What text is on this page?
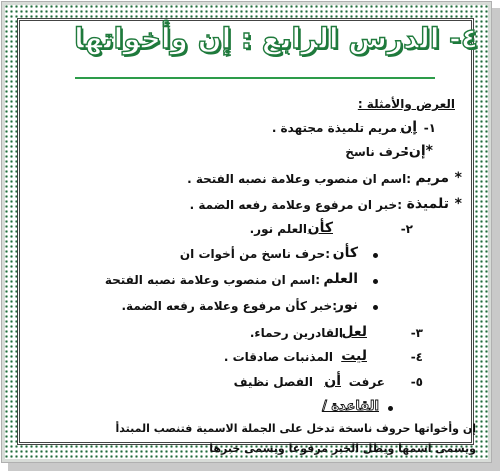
٤- الدرس الرابع : إن وأخواتها
العرض والأمثلة :
١-
إن
مريم تلميذة مجتهدة .
*إن:
حرف ناسخ
*
مريم
:اسم ان منصوب وعلامة نصبه الفتحة .
*
تلميذة
:خبر ان مرفوع وعلامة رفعه الضمة .
٢-
كأن
العلم نور.
كأن
:حرف ناسخ من أخوات ان
العلم
:اسم ان منصوب وعلامة نصبه الفتحة
نور
:خبر كأن مرفوع وعلامة رفعه الضمة.
٣-
لعل
القادرين رحماء.
٤-
ليت
المذنبات صادقات .
٥-
عرفت
أن
الفصل نظيف
القاعدة /
إن وأخواتها حروف ناسخة تدخل على الجملة الاسمية فتنصب المبتدأ
ويسمى اسمها ويظل الخبر مرفوعا ويسمى خبرها
